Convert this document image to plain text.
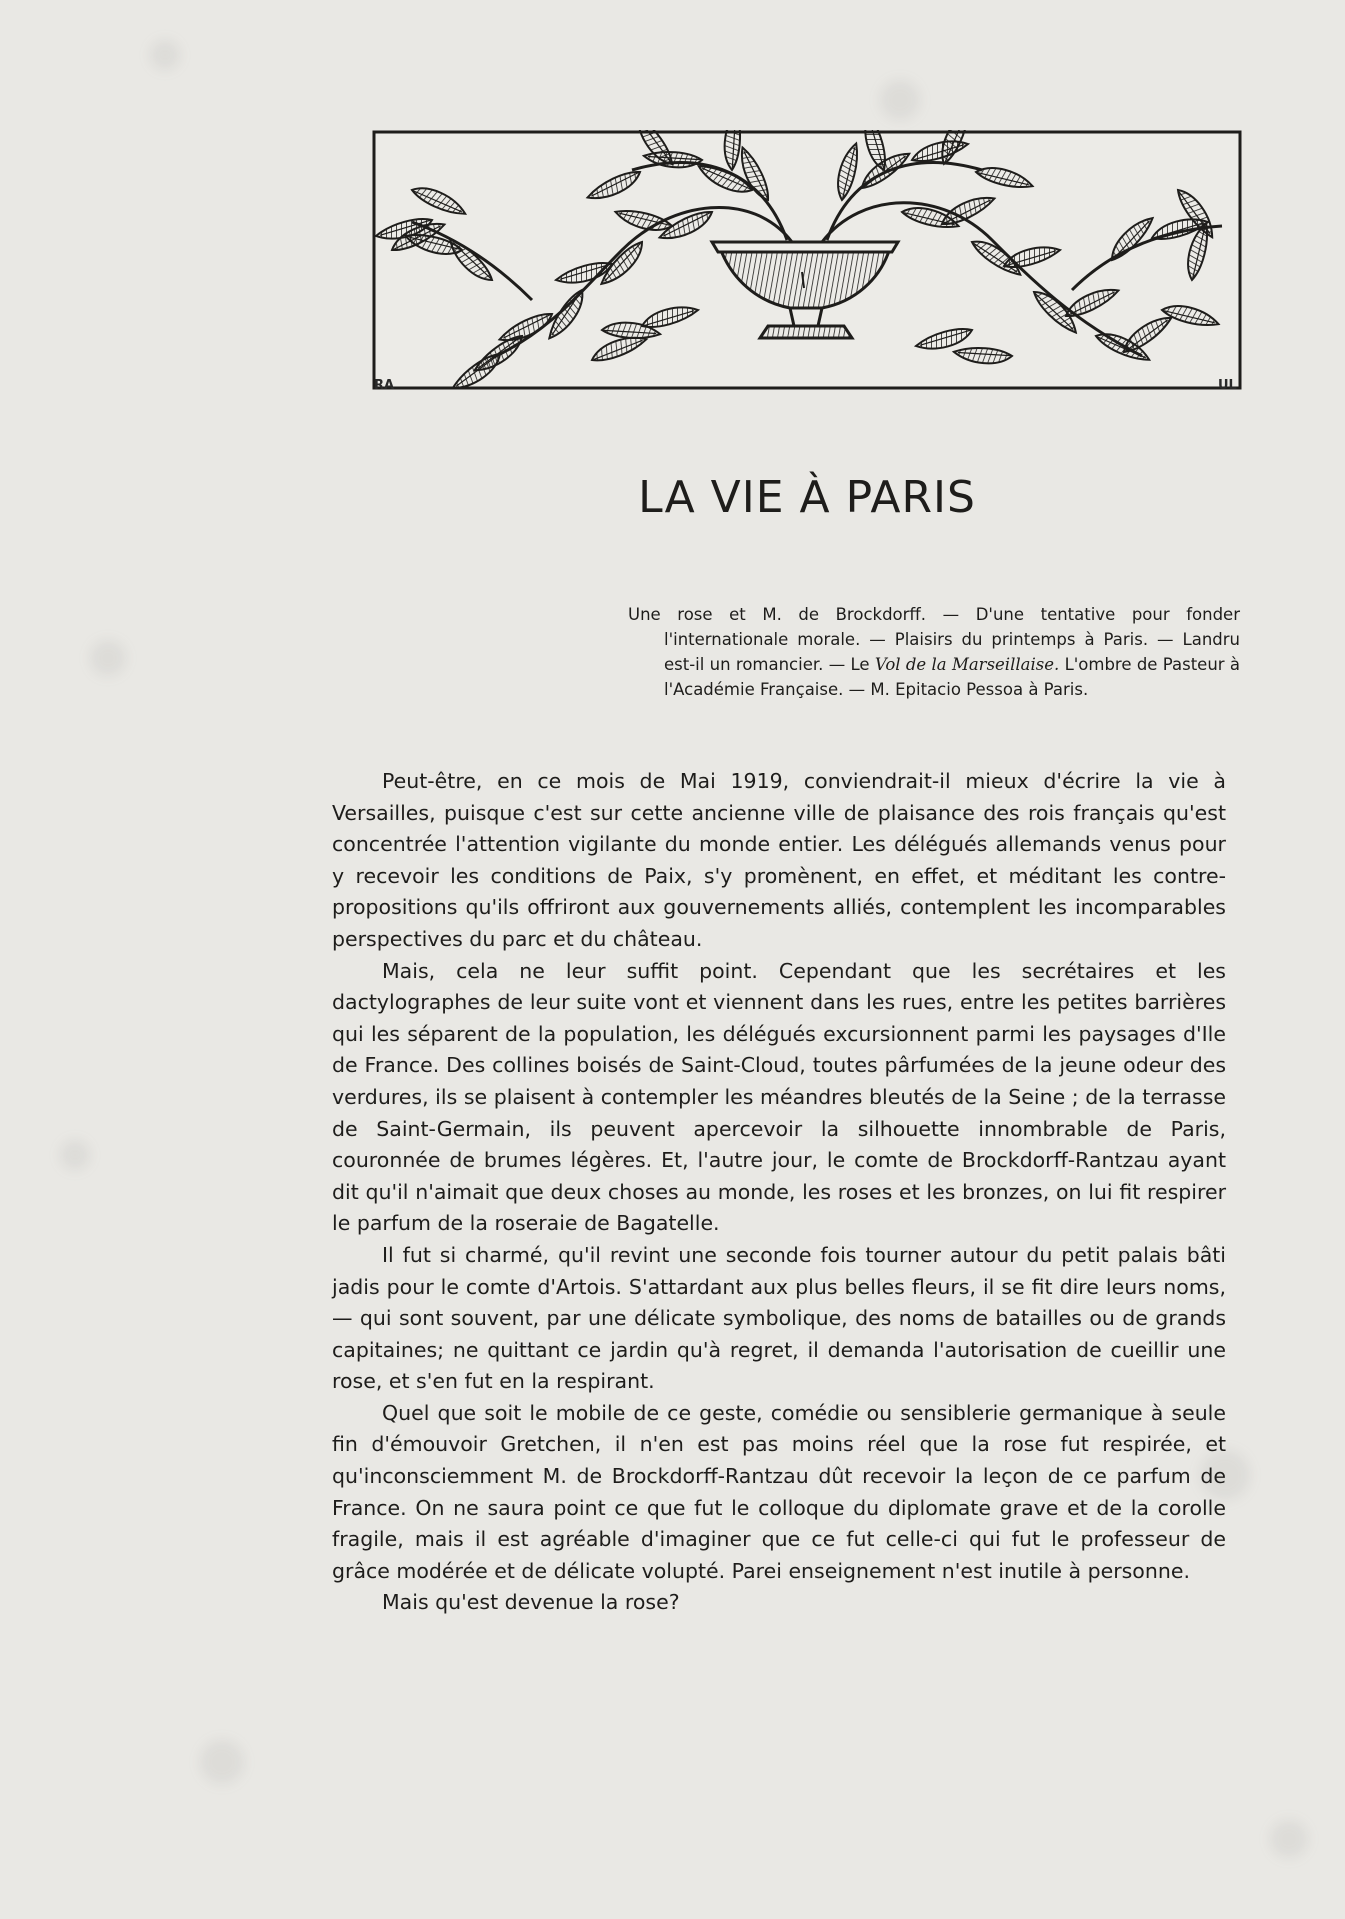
RA	UL
LA VIE À PARIS
Une rose et M. de Brockdorff. — D'une tentative pour fonder l'internationale morale. — Plaisirs du printemps à Paris. — Landru est-il un romancier. — Le Vol de la Marseillaise. L'ombre de Pasteur à l'Académie Française. — M. Epitacio Pessoa à Paris.

Peut-être, en ce mois de Mai 1919, conviendrait-il mieux d'écrire la vie à Versailles, puisque c'est sur cette ancienne ville de plaisance des rois français qu'est concentrée l'attention vigilante du monde entier. Les délégués allemands venus pour y recevoir les conditions de Paix, s'y promènent, en effet, et méditant les contre-propositions qu'ils offriront aux gouvernements alliés, contemplent les incomparables perspectives du parc et du château.

Mais, cela ne leur suffit point. Cependant que les secrétaires et les dactylographes de leur suite vont et viennent dans les rues, entre les petites barrières qui les séparent de la population, les délégués excursionnent parmi les paysages d'Ile de France. Des collines boisés de Saint-Cloud, toutes pârfumées de la jeune odeur des verdures, ils se plaisent à contempler les méandres bleutés de la Seine ; de la terrasse de Saint-Germain, ils peuvent apercevoir la silhouette innombrable de Paris, couronnée de brumes légères. Et, l'autre jour, le comte de Brockdorff-Rantzau ayant dit qu'il n'aimait que deux choses au monde, les roses et les bronzes, on lui fit respirer le parfum de la roseraie de Bagatelle.

Il fut si charmé, qu'il revint une seconde fois tourner autour du petit palais bâti jadis pour le comte d'Artois. S'attardant aux plus belles fleurs, il se fit dire leurs noms, — qui sont souvent, par une délicate symbolique, des noms de batailles ou de grands capitaines; ne quittant ce jardin qu'à regret, il demanda l'autorisation de cueillir une rose, et s'en fut en la respirant.

Quel que soit le mobile de ce geste, comédie ou sensiblerie germanique à seule fin d'émouvoir Gretchen, il n'en est pas moins réel que la rose fut respirée, et qu'inconsciemment M. de Brockdorff-Rantzau dût recevoir la leçon de ce parfum de France. On ne saura point ce que fut le colloque du diplomate grave et de la corolle fragile, mais il est agréable d'imaginer que ce fut celle-ci qui fut le professeur de grâce modérée et de délicate volupté. Parei enseignement n'est inutile à personne.

Mais qu'est devenue la rose?
